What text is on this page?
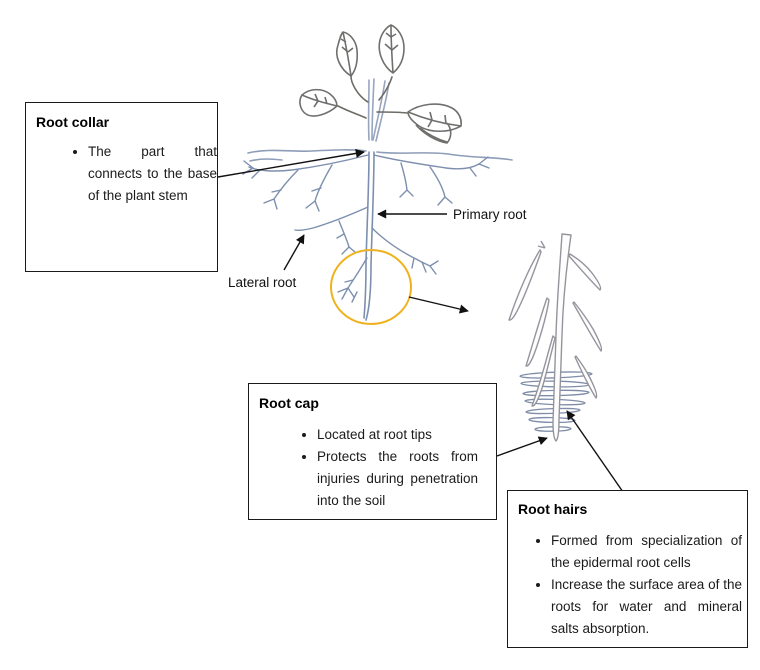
Root collar
• The part that connects to the base of the plant stem
Root cap
• Located at root tips
• Protects the roots from injuries during penetration into the soil
Root hairs
• Formed from specialization of the epidermal root cells
• Increase the surface area of the roots for water and mineral salts absorption.
Primary root
Lateral root
